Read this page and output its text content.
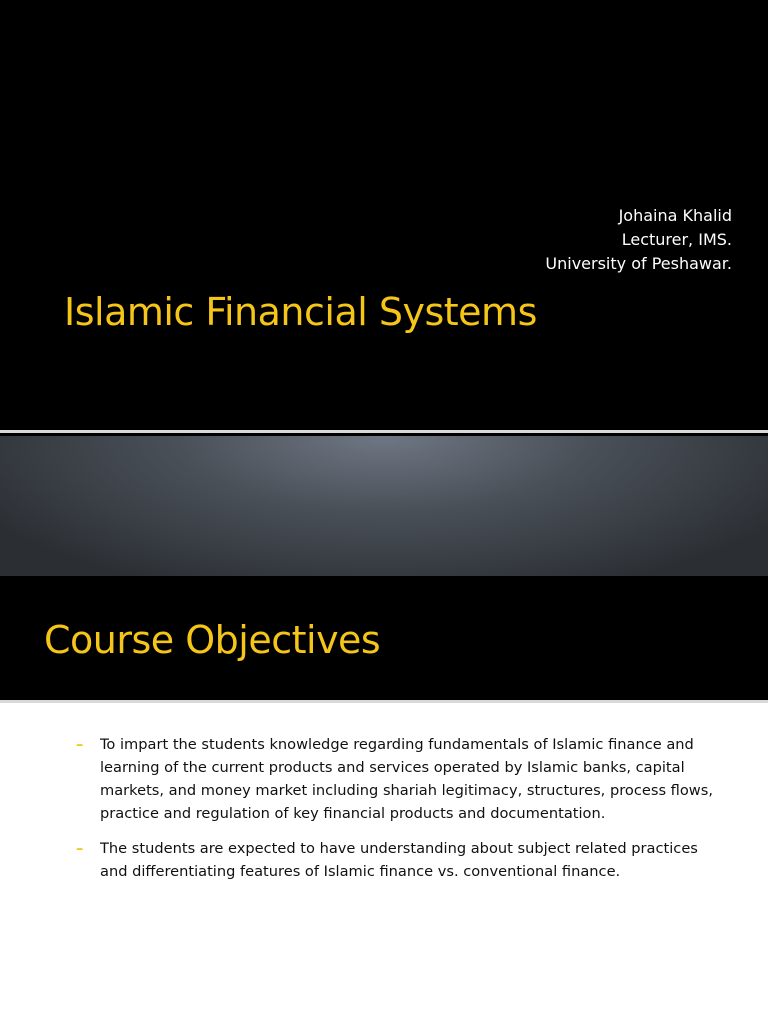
Johaina Khalid
Lecturer, IMS.
University of Peshawar.
Islamic Financial Systems
Course Objectives
– To impart the students knowledge regarding fundamentals of Islamic finance and learning of the current products and services operated by Islamic banks, capital markets, and money market including shariah legitimacy, structures, process flows, practice and regulation of key financial products and documentation.
– The students are expected to have understanding about subject related practices and differentiating features of Islamic finance vs. conventional finance.
